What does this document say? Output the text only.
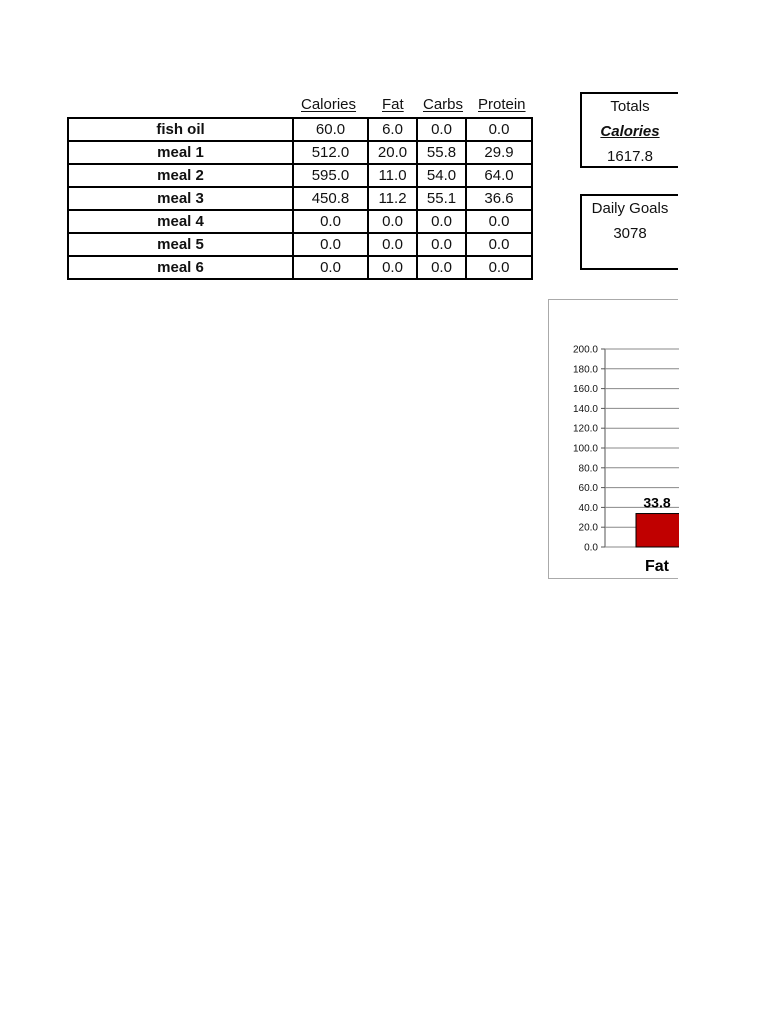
Calories Fat Carbs Protein
fish oil	60.0	6.0	0.0	0.0
meal 1	512.0	20.0	55.8	29.9
meal 2	595.0	11.0	54.0	64.0
meal 3	450.8	11.2	55.1	36.6
meal 4	0.0	0.0	0.0	0.0
meal 5	0.0	0.0	0.0	0.0
meal 6	0.0	0.0	0.0	0.0
Totals
Calories
1617.8
Daily Goals
3078
0.0
20.0
40.0
60.0
80.0
100.0
120.0
140.0
160.0
180.0
200.0
33.8
Fat
